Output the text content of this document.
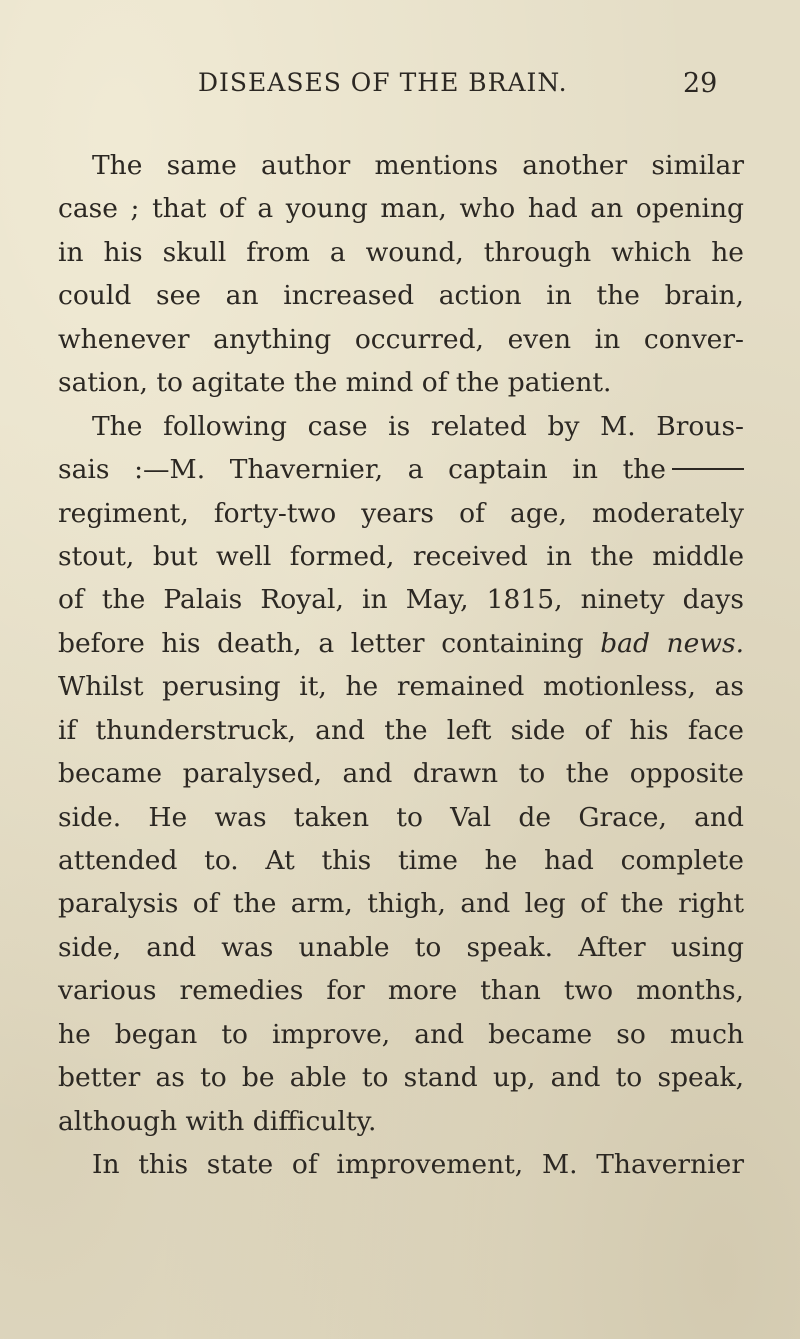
DISEASES OF THE BRAIN.	29
The same author mentions another similar
case ; that of a young man, who had an opening
in his skull from a wound, through which he
could see an increased action in the brain,
whenever anything occurred, even in conver-
sation, to agitate the mind of the patient.
The following case is related by M. Brous-
sais :—M. Thavernier, a captain in the
regiment, forty-two years of age, moderately
stout, but well formed, received in the middle
of the Palais Royal, in May, 1815, ninety days
before his death, a letter containing bad news.
Whilst perusing it, he remained motionless, as
if thunderstruck, and the left side of his face
became paralysed, and drawn to the opposite
side. He was taken to Val de Grace, and
attended to. At this time he had complete
paralysis of the arm, thigh, and leg of the right
side, and was unable to speak. After using
various remedies for more than two months,
he began to improve, and became so much
better as to be able to stand up, and to speak,
although with difficulty.
In this state of improvement, M. Thavernier
